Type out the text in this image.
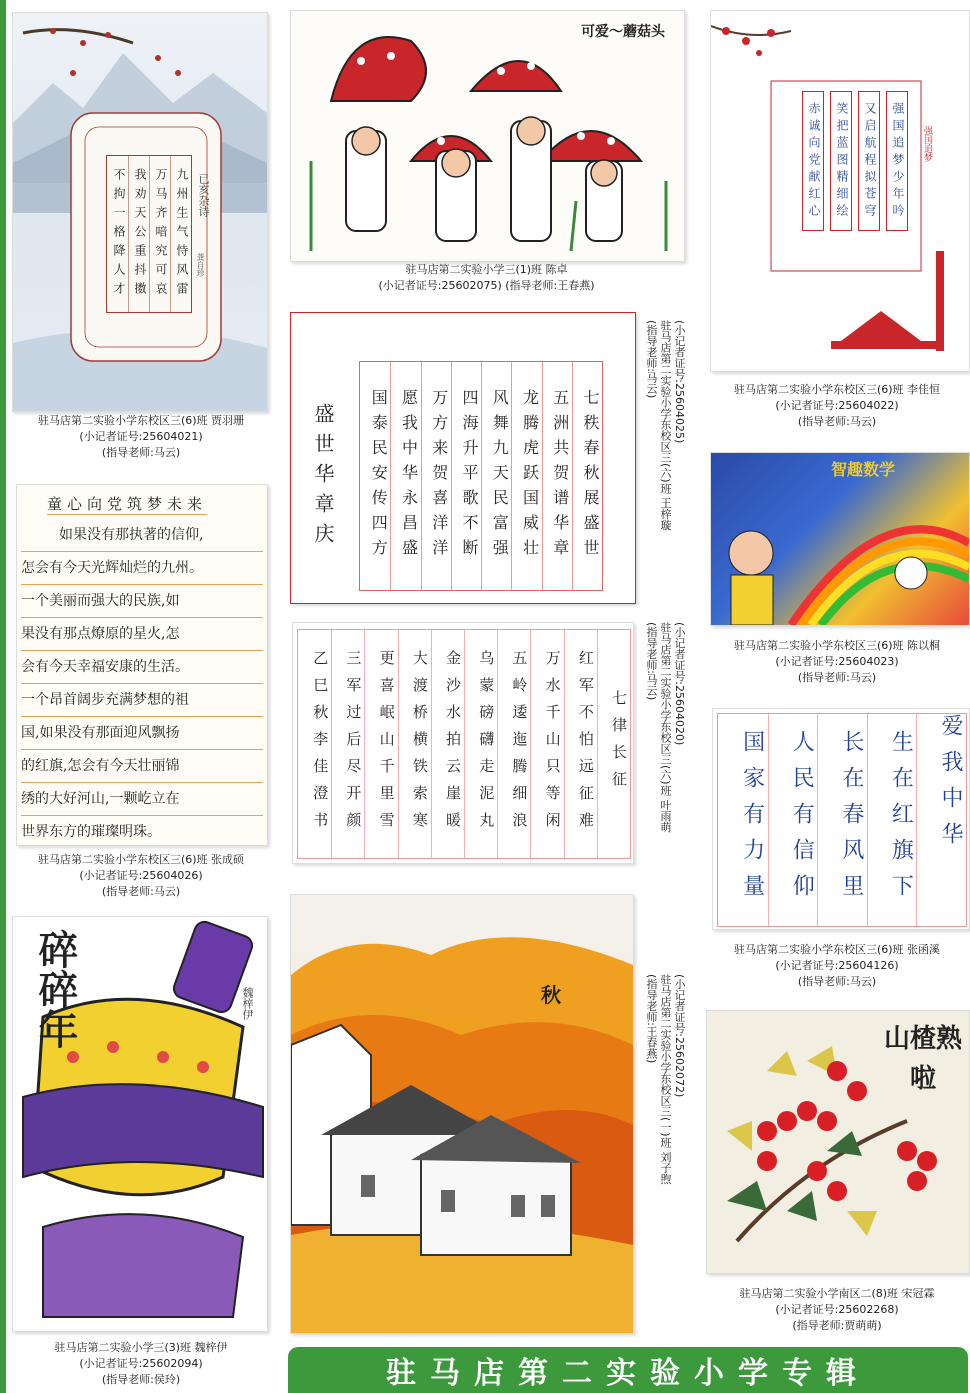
已亥杂诗
龚自珍
九州生气恃风雷
万马齐喑究可哀
我劝天公重抖擞
不拘一格降人才
驻马店第二实验小学东校区三(6)班 贾羽珊
(小记者证号:25604021)
(指导老师:马云)
可爱～蘑菇头
驻马店第二实验小学三(1)班 陈卓
(小记者证号:25602075) (指导老师:王春燕)
强国追梦
强国追梦少年吟
又启航程拟苍穹
笑把蓝图精细绘
赤诚向党献红心
驻马店第二实验小学东校区三(6)班 李佳恒
(小记者证号:25604022)
(指导老师:马云)
盛世华章庆	七秩春秋展盛世
五洲共贺谱华章
龙腾虎跃国威壮
风舞九天民富强
四海升平歌不断
万方来贺喜洋洋
愿我中华永昌盛
国泰民安传四方
(小记者证号:25604025)
驻马店第二实验小学东校区三(六)班 王梓璇
(指导老师:马云)
智趣数学
驻马店第二实验小学东校区三(6)班 陈以桐
(小记者证号:25604023)
(指导老师:马云)
童心向党筑梦未来
如果没有那执著的信仰,
怎会有今天光辉灿烂的九州。
一个美丽而强大的民族,如
果没有那点燎原的星火,怎
会有今天幸福安康的生活。
一个昂首阔步充满梦想的祖
国,如果没有那面迎风飘扬
的红旗,怎会有今天壮丽锦
绣的大好河山,一颗屹立在
世界东方的璀璨明珠。
驻马店第二实验小学东校区三(6)班 张成硕
(小记者证号:25604026)
(指导老师:马云)
七律长征
红军不怕远征难
万水千山只等闲
五岭逶迤腾细浪
乌蒙磅礴走泥丸
金沙水拍云崖暖
大渡桥横铁索寒
更喜岷山千里雪
三军过后尽开颜
乙巳秋李佳澄书	(小记者证号:25604020)
驻马店第二实验小学东校区三(六)班 叶雨萌
(指导老师:马云)
爱我中华
生在红旗下
长在春风里
人民有信仰
国家有力量
驻马店第二实验小学东校区三(6)班 张函溪
(小记者证号:25604126)
(指导老师:马云)
碎碎年	魏梓伊
驻马店第二实验小学三(3)班 魏梓伊
(小记者证号:25602094)
(指导老师:侯玲)
秋	(小记者证号:25602072)
驻马店第二实验小学东校区三(一)班 刘子煦
(指导老师:王春燕)	山楂熟啦
驻马店第二实验小学南区二(8)班 宋冠霖
(小记者证号:25602268)
(指导老师:贾萌萌)
驻马店第二实验小学专辑
